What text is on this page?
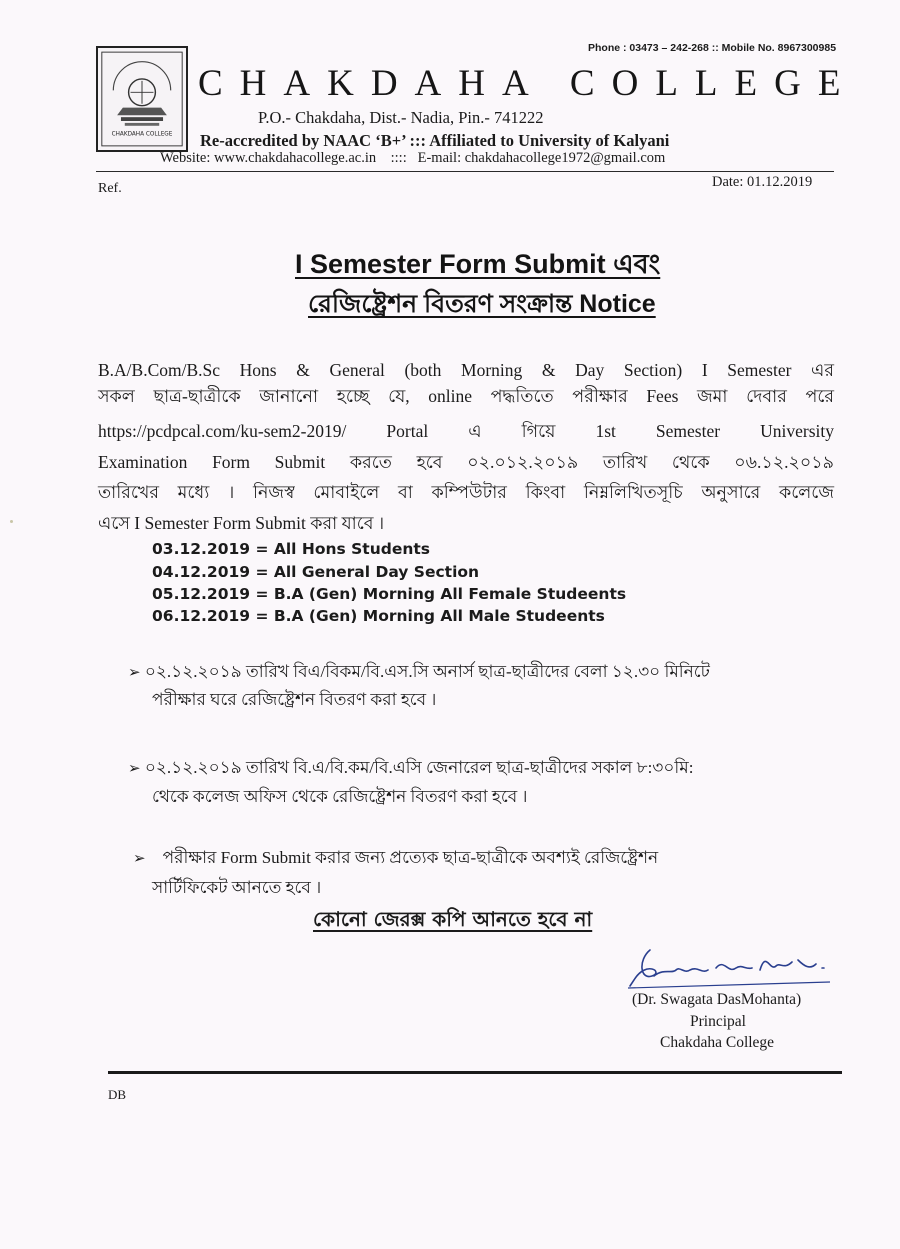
CHAKDAHA COLLEGE
Phone : 03473 – 242-268 :: Mobile No. 8967300985
CHAKDAHA COLLEGE
P.O.- Chakdaha, Dist.- Nadia, Pin.- 741222
Re-accredited by NAAC ‘B+’ ::: Affiliated to University of Kalyani
Website: www.chakdahacollege.ac.in :::: E-mail: chakdahacollege1972@gmail.com
Ref.	Date: 01.12.2019
I Semester Form Submit এবং
রেজিষ্ট্রেশন বিতরণ সংক্রান্ত Notice
B.A/B.Com/B.Sc Hons & General (both Morning & Day Section) I Semester এর
সকল ছাত্র-ছাত্রীকে জানানো হচ্ছে যে, online পদ্ধতিতে পরীক্ষার Fees জমা দেবার পরে
https://pcdpcal.com/ku-sem2-2019/ Portal এ গিয়ে 1st Semester University
Examination Form Submit করতে হবে ০২.০১২.২০১৯ তারিখ থেকে ০৬.১২.২০১৯
তারিখের মধ্যে । নিজস্ব মোবাইলে বা কম্পিউটার কিংবা নিম্নলিখিতসূচি অনুসারে কলেজে
এসে I Semester Form Submit করা যাবে ।
03.12.2019 = All Hons Students
04.12.2019 = All General Day Section
05.12.2019 = B.A (Gen) Morning All Female Studeents
06.12.2019 = B.A (Gen) Morning All Male Studeents
➢ ০২.১২.২০১৯ তারিখ বিএ/বিকম/বি.এস.সি অনার্স ছাত্র-ছাত্রীদের বেলা ১২.৩০ মিনিটে
পরীক্ষার ঘরে রেজিষ্ট্রেশন বিতরণ করা হবে ।
➢ ০২.১২.২০১৯ তারিখ বি.এ/বি.কম/বি.এসি জেনারেল ছাত্র-ছাত্রীদের সকাল ৮:৩০মি:
থেকে কলেজ অফিস থেকে রেজিষ্ট্রেশন বিতরণ করা হবে ।
➢ পরীক্ষার Form Submit করার জন্য প্রত্যেক ছাত্র-ছাত্রীকে অবশ্যই রেজিষ্ট্রেশন
সার্টিফিকেট আনতে হবে ।
কোনো জেরক্স কপি আনতে হবে না
(Dr. Swagata DasMohanta)
Principal
Chakdaha College
DB
